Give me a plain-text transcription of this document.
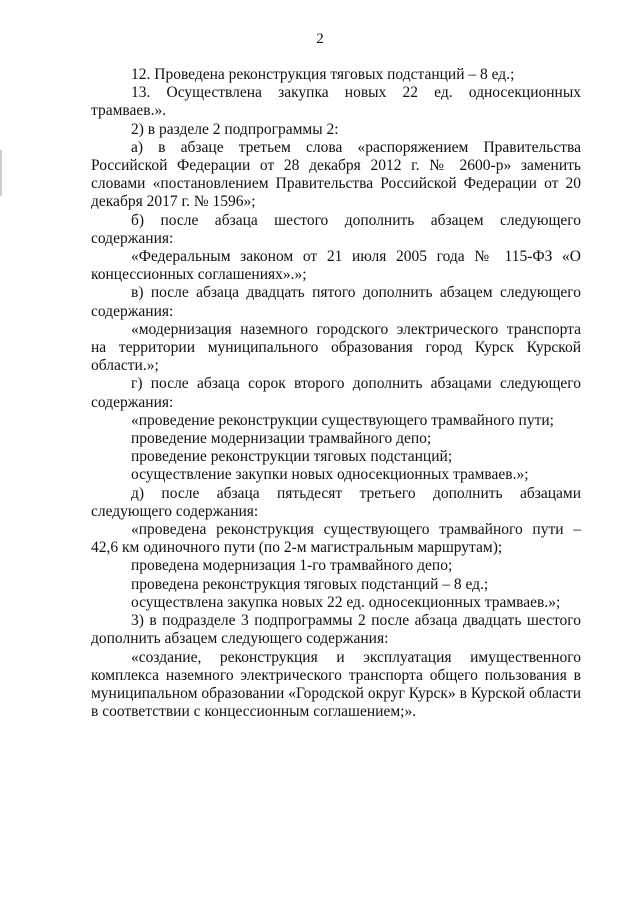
2

12. Проведена реконструкция тяговых подстанций – 8 ед.;

13. Осуществлена закупка новых 22 ед. односекционных трамваев.».

2) в разделе 2 подпрограммы 2:

а) в абзаце третьем слова «распоряжением Правительства Российской Федерации от 28 декабря 2012 г. № 2600-р» заменить словами «постановлением Правительства Российской Федерации от 20 декабря 2017 г. № 1596»;

б) после абзаца шестого дополнить абзацем следующего содержания:

«Федеральным законом от 21 июля 2005 года № 115-ФЗ «О концессионных соглашениях».»;

в) после абзаца двадцать пятого дополнить абзацем следующего содержания:

«модернизация наземного городского электрического транспорта на территории муниципального образования город Курск Курской области.»;

г) после абзаца сорок второго дополнить абзацами следующего содержания:

«проведение реконструкции существующего трамвайного пути;

проведение модернизации трамвайного депо;

проведение реконструкции тяговых подстанций;

осуществление закупки новых односекционных трамваев.»;

д) после абзаца пятьдесят третьего дополнить абзацами следующего содержания:

«проведена реконструкция существующего трамвайного пути – 42,6 км одиночного пути (по 2-м магистральным маршрутам);

проведена модернизация 1-го трамвайного депо;

проведена реконструкция тяговых подстанций – 8 ед.;

осуществлена закупка новых 22 ед. односекционных трамваев.»;

3) в подразделе 3 подпрограммы 2 после абзаца двадцать шестого дополнить абзацем следующего содержания:

«создание, реконструкция и эксплуатация имущественного комплекса наземного электрического транспорта общего пользования в муниципальном образовании «Городской округ Курск» в Курской области в соответствии с концессионным соглашением;».
